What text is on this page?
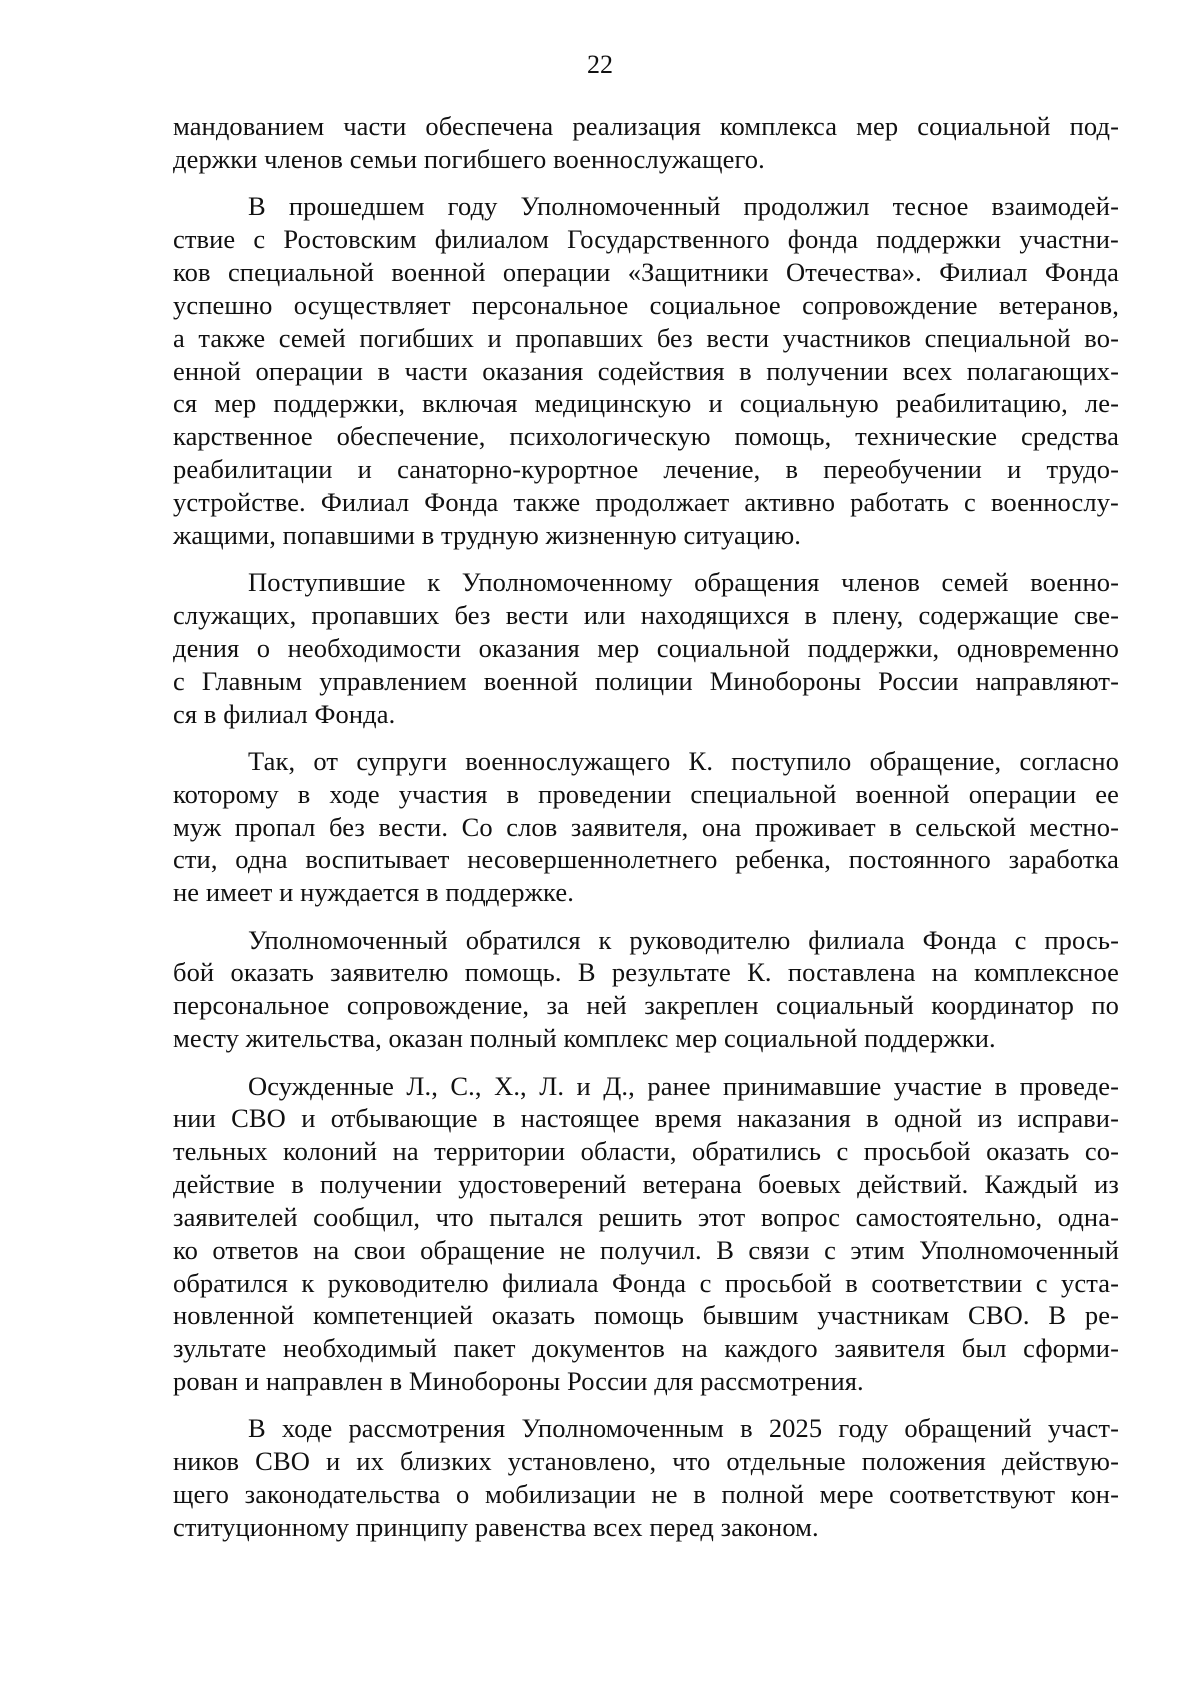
22
мандованием части обеспечена реализация комплекса мер социальной под-
держки членов семьи погибшего военнослужащего.
В прошедшем году Уполномоченный продолжил тесное взаимодей-
ствие с Ростовским филиалом Государственного фонда поддержки участни-
ков специальной военной операции «Защитники Отечества». Филиал Фонда
успешно осуществляет персональное социальное сопровождение ветеранов,
а также семей погибших и пропавших без вести участников специальной во-
енной операции в части оказания содействия в получении всех полагающих-
ся мер поддержки, включая медицинскую и социальную реабилитацию, ле-
карственное обеспечение, психологическую помощь, технические средства
реабилитации и санаторно-курортное лечение, в переобучении и трудо-
устройстве. Филиал Фонда также продолжает активно работать с военнослу-
жащими, попавшими в трудную жизненную ситуацию.
Поступившие к Уполномоченному обращения членов семей военно-
служащих, пропавших без вести или находящихся в плену, содержащие све-
дения о необходимости оказания мер социальной поддержки, одновременно
с Главным управлением военной полиции Минобороны России направляют-
ся в филиал Фонда.
Так, от супруги военнослужащего К. поступило обращение, согласно
которому в ходе участия в проведении специальной военной операции ее
муж пропал без вести. Со слов заявителя, она проживает в сельской местно-
сти, одна воспитывает несовершеннолетнего ребенка, постоянного заработка
не имеет и нуждается в поддержке.
Уполномоченный обратился к руководителю филиала Фонда с прось-
бой оказать заявителю помощь. В результате К. поставлена на комплексное
персональное сопровождение, за ней закреплен социальный координатор по
месту жительства, оказан полный комплекс мер социальной поддержки.
Осужденные Л., С., Х., Л. и Д., ранее принимавшие участие в проведе-
нии СВО и отбывающие в настоящее время наказания в одной из исправи-
тельных колоний на территории области, обратились с просьбой оказать со-
действие в получении удостоверений ветерана боевых действий. Каждый из
заявителей сообщил, что пытался решить этот вопрос самостоятельно, одна-
ко ответов на свои обращение не получил. В связи с этим Уполномоченный
обратился к руководителю филиала Фонда с просьбой в соответствии с уста-
новленной компетенцией оказать помощь бывшим участникам СВО. В ре-
зультате необходимый пакет документов на каждого заявителя был сформи-
рован и направлен в Минобороны России для рассмотрения.
В ходе рассмотрения Уполномоченным в 2025 году обращений участ-
ников СВО и их близких установлено, что отдельные положения действую-
щего законодательства о мобилизации не в полной мере соответствуют кон-
ституционному принципу равенства всех перед законом.
